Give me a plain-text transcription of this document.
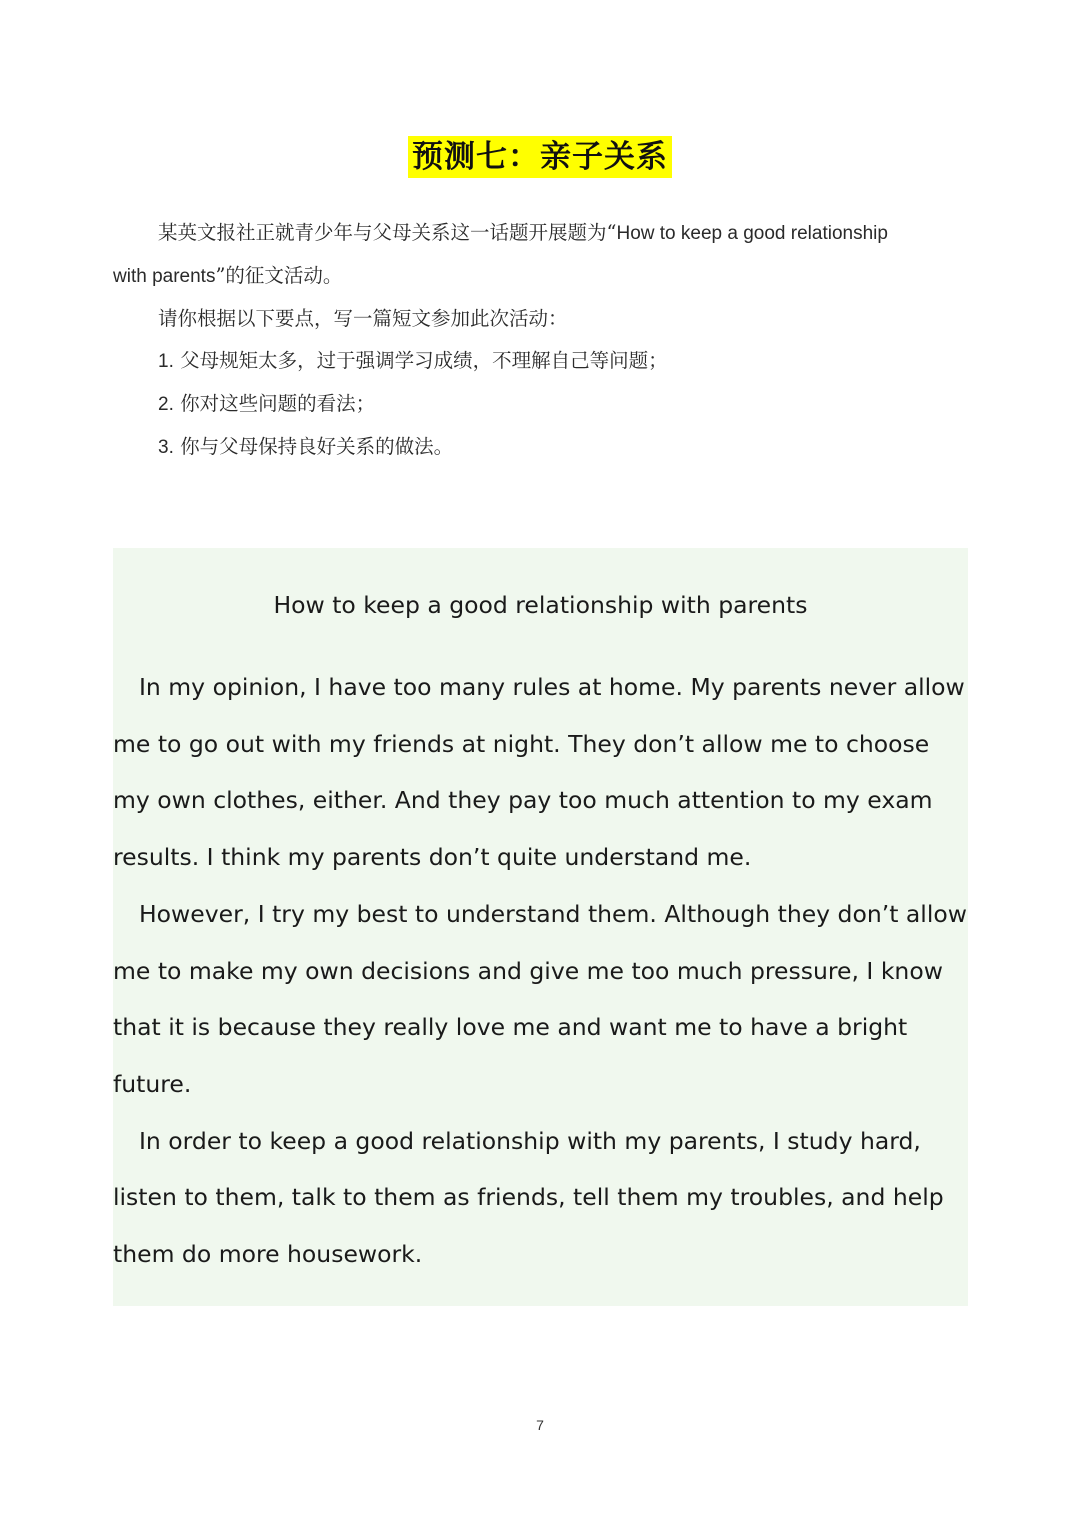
预测七：亲子关系

某英文报社正就青少年与父母关系这一话题开展题为“How to keep a good relationship
with parents”的征文活动。

请你根据以下要点，写一篇短文参加此次活动：

1. 父母规矩太多，过于强调学习成绩，不理解自己等问题；

2. 你对这些问题的看法；

3. 你与父母保持良好关系的做法。

How to keep a good relationship with parents

In my opinion, I have too many rules at home. My parents never allow me to go out with my friends at night. They don’t allow me to choose my own clothes, either. And they pay too much attention to my exam results. I think my parents don’t quite understand me.

However, I try my best to understand them. Although they don’t allow me to make my own decisions and give me too much pressure, I know that it is because they really love me and want me to have a bright future.

In order to keep a good relationship with my parents, I study hard, listen to them, talk to them as friends, tell them my troubles, and help them do more housework.

7
